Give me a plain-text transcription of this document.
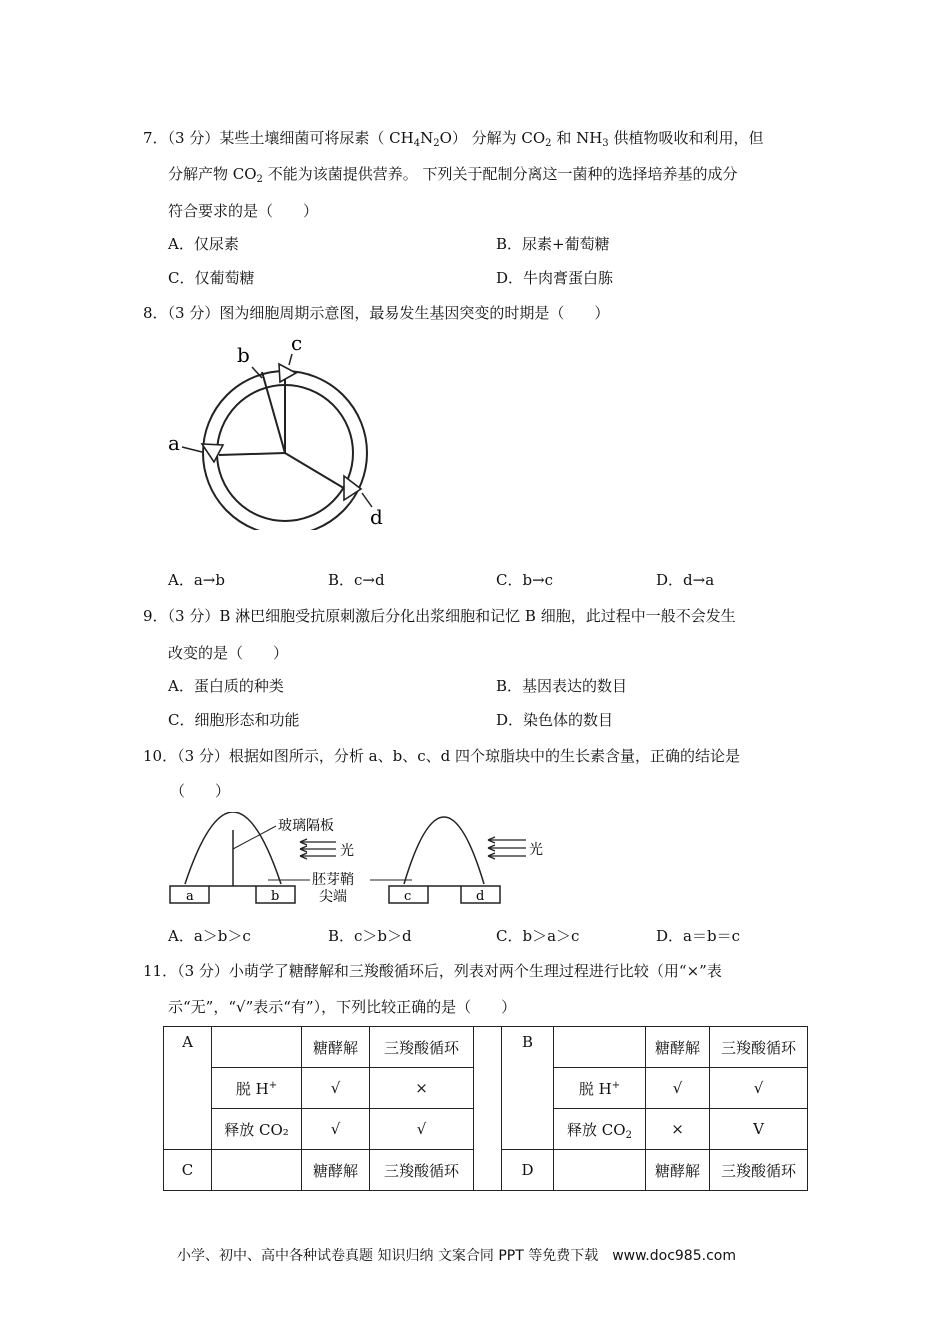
7．（3 分）某些土壤细菌可将尿素（ $CH_4N_2O$） 分解为 $CO_2$ 和 $NH_3$ 供植物吸收和利用，但
分解产物 $CO_2$ 不能为该菌提供营养。 下列关于配制分离这一菌种的选择培养基的成分
符合要求的是（　　）
A．仅尿素	B．尿素+葡萄糖
C．仅葡萄糖	D．牛肉膏蛋白胨
8．（3 分）图为细胞周期示意图，最易发生基因突变的时期是（　　）
b c
a
d
A．a→b	B．c→d	C．b→c	D．d→a
9．（3 分）B 淋巴细胞受抗原刺激后分化出浆细胞和记忆 B 细胞，此过程中一般不会发生
改变的是（　　）
A．蛋白质的种类	B．基因表达的数目
C．细胞形态和功能	D．染色体的数目
10．（3 分）根据如图所示，分析 a、b、c、d 四个琼脂块中的生长素含量，正确的结论是
（　　）
a	b
玻璃隔板
光
胚芽鞘
尖端	c	d
光
A．a＞b＞c	B．c＞b＞d	C．b＞a＞c	D．a＝b＝c
11．（3 分）小萌学了糖酵解和三羧酸循环后，列表对两个生理过程进行比较（用“×”表
示“无”，“√”表示“有”），下列比较正确的是（　　）
A		糖酵解	三羧酸循环		B		糖酵解	三羧酸循环
	脱 H+	√	×			脱 H+	√	√
	释放 CO₂	√	√			释放 $CO_2$	×	V
C		糖酵解	三羧酸循环		D		糖酵解	三羧酸循环
小学、初中、高中各种试卷真题 知识归纳 文案合同 PPT 等免费下载　www.doc985.com
